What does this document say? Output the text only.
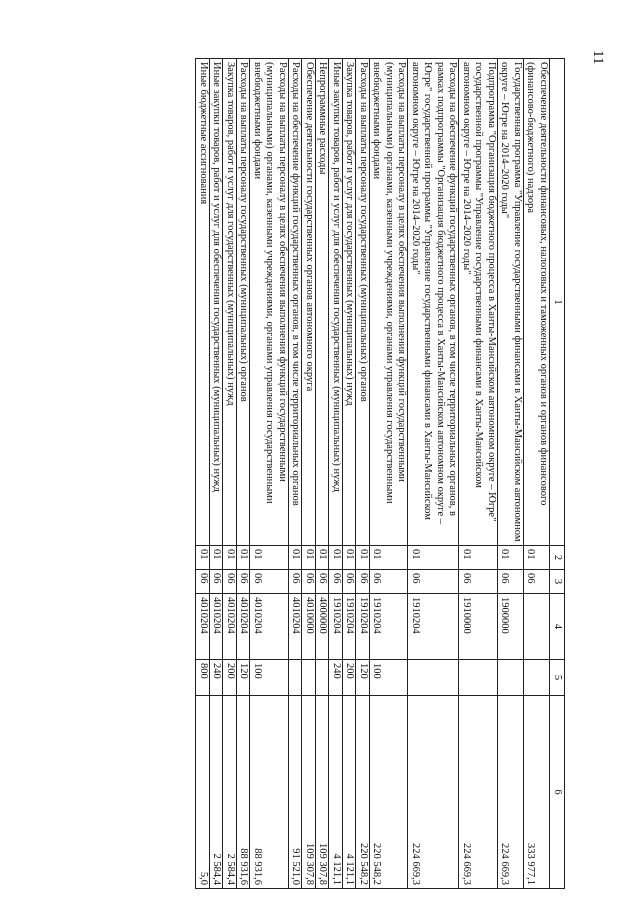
11
1	2	3	4	5	6
Обеспечение деятельности финансовых, налоговых и таможенных органов и органов финансового (финансово-бюджетного) надзора	01	06			333 977,1
Государственная программа "Управление государственными финансами в Ханты-Мансийском автономном округе – Югре на 2014–2020 годы"	01	06	1900000		224 669,3
Подпрограмма "Организация бюджетного процесса в Ханты-Мансийском автономном округе – Югре" государственной программы "Управление государственными финансами в Ханты-Мансийском автономном округе – Югре на 2014–2020 годы"	01	06	1910000		224 669,3
Расходы на обеспечение функций государственных органов, в том числе территориальных органов, в рамках подпрограммы "Организация бюджетного процесса в Ханты-Мансийском автономном округе – Югре" государственной программы "Управление государственными финансами в Ханты-Мансийском автономном округе – Югре на 2014–2020 годы"	01	06	1910204		224 669,3
Расходы на выплаты персоналу в целях обеспечения выполнения функций государственными (муниципальными) органами, казенными учреждениями, органами управления государственными внебюджетными фондами	01	06	1910204	100	220 548,2
Расходы на выплаты персоналу государственных (муниципальных) органов	01	06	1910204	120	220 548,2
Закупка товаров, работ и услуг для государственных (муниципальных) нужд	01	06	1910204	200	4 121,1
Иные закупки товаров, работ и услуг для обеспечения государственных (муниципальных) нужд	01	06	1910204	240	4 121,1
Непрограммные расходы	01	06	4000000		109 307,8
Обеспечение деятельности государственных органов автономного округа	01	06	4010000		109 307,8
Расходы на обеспечение функций государственных органов, в том числе территориальных органов	01	06	4010204		91 521,0
Расходы на выплаты персоналу в целях обеспечения выполнения функций государственными (муниципальными) органами, казенными учреждениями, органами управления государственными внебюджетными фондами	01	06	4010204	100	88 931,6
Расходы на выплаты персоналу государственных (муниципальных) органов	01	06	4010204	120	88 931,6
Закупка товаров, работ и услуг для государственных (муниципальных) нужд	01	06	4010204	200	2 584,4
Иные закупки товаров, работ и услуг для обеспечения государственных (муниципальных) нужд	01	06	4010204	240	2 584,4
Иные бюджетные ассигнования	01	06	4010204	800	5,0
